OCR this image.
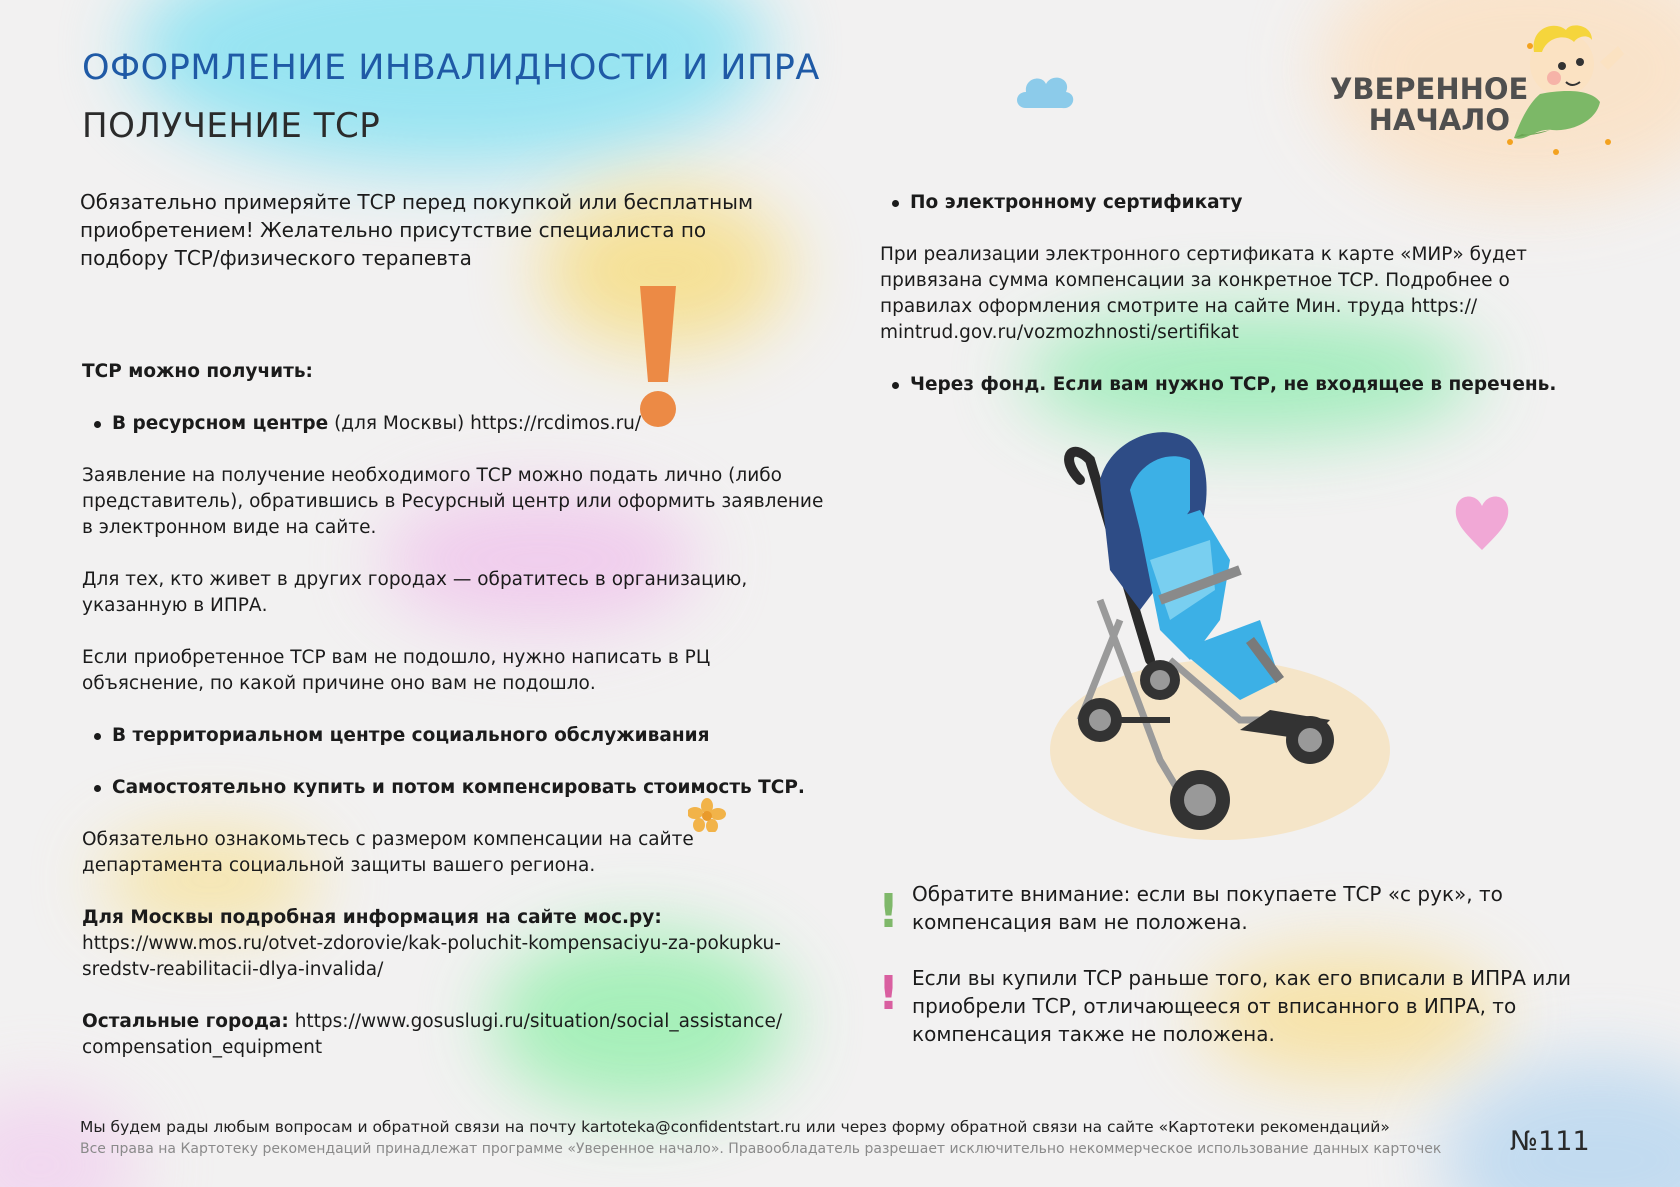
ОФОРМЛЕНИЕ ИНВАЛИДНОСТИ И ИПРА
ПОЛУЧЕНИЕ ТСР
УВЕРЕННОЕ
НАЧАЛО
Обязательно примеряйте ТСР перед покупкой или бесплатным
приобретением! Желательно присутствие специалиста по
подбору ТСР/физического терапевта
ТСР можно получить:
В ресурсном центре (для Москвы) https://rcdimos.ru/
Заявление на получение необходимого ТСР можно подать лично (либо
представитель), обратившись в Ресурсный центр или оформить заявление
в электронном виде на сайте.
Для тех, кто живет в других городах — обратитесь в организацию,
указанную в ИПРА.
Если приобретенное ТСР вам не подошло, нужно написать в РЦ
объяснение, по какой причине оно вам не подошло.
В территориальном центре социального обслуживания
Самостоятельно купить и потом компенсировать стоимость ТСР.
Обязательно ознакомьтесь с размером компенсации на сайте
департамента социальной защиты вашего региона.
Для Москвы подробная информация на сайте мос.ру:
https://www.mos.ru/otvet-zdorovie/kak-poluchit-kompensaciyu-za-pokupku-
sredstv-reabilitacii-dlya-invalida/
Остальные города: https://www.gosuslugi.ru/situation/social_assistance/
compensation_equipment
По электронному сертификату
При реализации электронного сертификата к карте «МИР» будет
привязана сумма компенсации за конкретное ТСР. Подробнее о
правилах оформления смотрите на сайте Мин. труда https://
mintrud.gov.ru/vozmozhnosti/sertifikat
Через фонд. Если вам нужно ТСР, не входящее в перечень.
! Обратите внимание: если вы покупаете ТСР «с рук», то
компенсация вам не положена.
! Если вы купили ТСР раньше того, как его вписали в ИПРА или
приобрели ТСР, отличающееся от вписанного в ИПРА, то
компенсация также не положена.
Мы будем рады любым вопросам и обратной связи на почту kartoteka@confidentstart.ru или через форму обратной связи на сайте «Картотеки рекомендаций»
Все права на Картотеку рекомендаций принадлежат программе «Уверенное начало». Правообладатель разрешает исключительно некоммерческое использование данных карточек	№111
